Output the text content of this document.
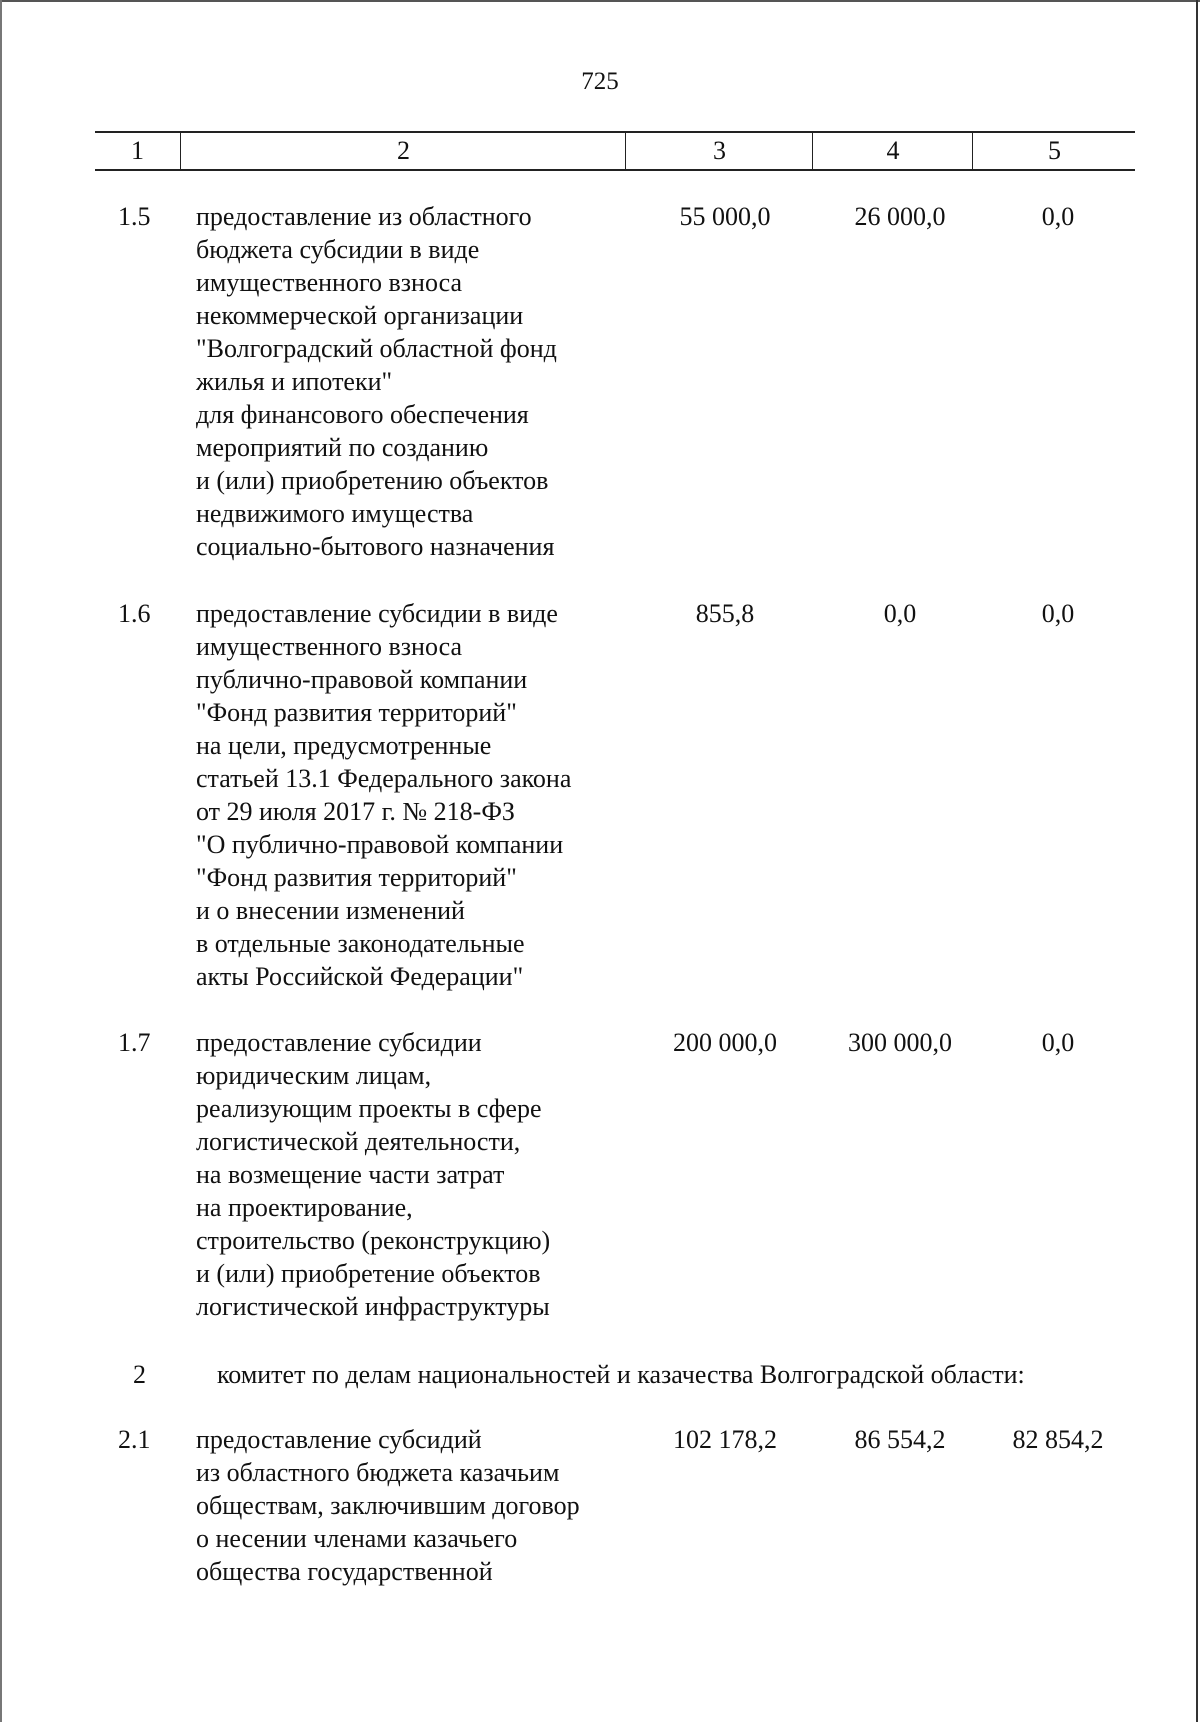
725
1	2	3	4	5
1.5	предоставление из областного
бюджета субсидии в виде
имущественного взноса
некоммерческой организации
"Волгоградский областной фонд
жилья и ипотеки"
для финансового обеспечения
мероприятий по созданию
и (или) приобретению объектов
недвижимого имущества
социально-бытового назначения
55 000,0	26 000,0	0,0
1.6	предоставление субсидии в виде
имущественного взноса
публично-правовой компании
"Фонд развития территорий"
на цели, предусмотренные
статьей 13.1 Федерального закона
от 29 июля 2017 г. № 218-ФЗ
"О публично-правовой компании
"Фонд развития территорий"
и о внесении изменений
в отдельные законодательные
акты Российской Федерации"
855,8	0,0	0,0
1.7	предоставление субсидии
юридическим лицам,
реализующим проекты в сфере
логистической деятельности,
на возмещение части затрат
на проектирование,
строительство (реконструкцию)
и (или) приобретение объектов
логистической инфраструктуры
200 000,0	300 000,0	0,0
2	комитет по делам национальностей и казачества Волгоградской области:
2.1	предоставление субсидий
из областного бюджета казачьим
обществам, заключившим договор
о несении членами казачьего
общества государственной
102 178,2	86 554,2	82 854,2
